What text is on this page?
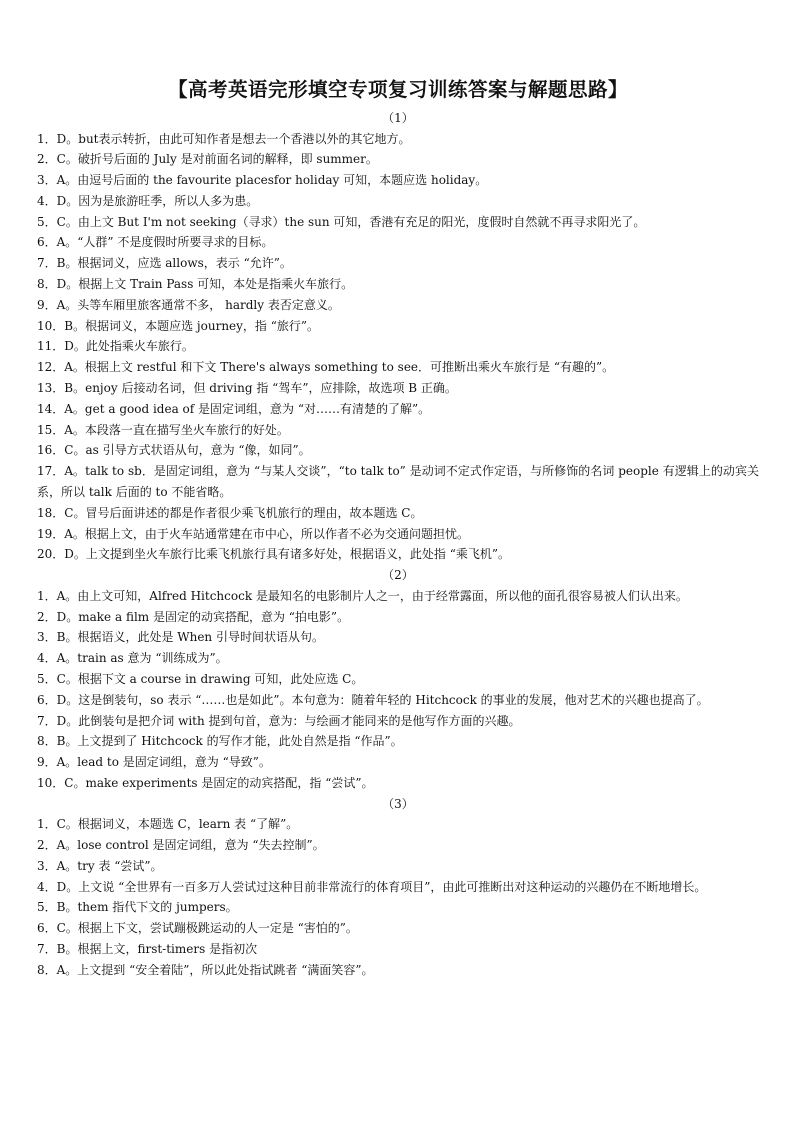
【高考英语完形填空专项复习训练答案与解题思路】
（1）
1．D。but表示转折，由此可知作者是想去一个香港以外的其它地方。
2．C。破折号后面的 July 是对前面名词的解释，即 summer。
3．A。由逗号后面的 the favourite placesfor holiday 可知，本题应选 holiday。
4．D。因为是旅游旺季，所以人多为患。
5．C。由上文 But I'm not seeking（寻求）the sun 可知，香港有充足的阳光，度假时自然就不再寻求阳光了。
6．A。“人群” 不是度假时所要寻求的目标。
7．B。根据词义，应选 allows，表示 “允许”。
8．D。根据上文 Train Pass 可知，本处是指乘火车旅行。
9．A。头等车厢里旅客通常不多， hardly 表否定意义。
10．B。根据词义，本题应选 journey，指 “旅行”。
11．D。此处指乘火车旅行。
12．A。根据上文 restful 和下文 There's always something to see．可推断出乘火车旅行是 “有趣的”。
13．B。enjoy 后接动名词，但 driving 指 “驾车”，应排除，故选项 B 正确。
14．A。get a good idea of 是固定词组，意为 “对……有清楚的了解”。
15．A。本段落一直在描写坐火车旅行的好处。
16．C。as 引导方式状语从句，意为 “像，如同”。
17．A。talk to sb．是固定词组，意为 “与某人交谈”，“to talk to” 是动词不定式作定语，与所修饰的名词 people 有逻辑上的动宾关系，所以 talk 后面的 to 不能省略。
18．C。冒号后面讲述的都是作者很少乘飞机旅行的理由，故本题选 C。
19．A。根据上文，由于火车站通常建在市中心，所以作者不必为交通问题担忧。
20．D。上文提到坐火车旅行比乘飞机旅行具有诸多好处，根据语义，此处指 “乘飞机”。
（2）
1．A。由上文可知，Alfred Hitchcock 是最知名的电影制片人之一，由于经常露面，所以他的面孔很容易被人们认出来。
2．D。make a film 是固定的动宾搭配，意为 “拍电影”。
3．B。根据语义，此处是 When 引导时间状语从句。
4．A。train as 意为 “训练成为”。
5．C。根据下文 a course in drawing 可知，此处应选 C。
6．D。这是倒装句，so 表示 “……也是如此”。本句意为：随着年轻的 Hitchcock 的事业的发展，他对艺术的兴趣也提高了。
7．D。此倒装句是把介词 with 提到句首，意为：与绘画才能同来的是他写作方面的兴趣。
8．B。上文提到了 Hitchcock 的写作才能，此处自然是指 “作品”。
9．A。lead to 是固定词组，意为 “导致”。
10．C。make experiments 是固定的动宾搭配，指 “尝试”。
（3）
1．C。根据词义，本题选 C，learn 表 “了解”。
2．A。lose control 是固定词组，意为 “失去控制”。
3．A。try 表 “尝试”。
4．D。上文说 “全世界有一百多万人尝试过这种目前非常流行的体育项目”，由此可推断出对这种运动的兴趣仍在不断地增长。
5．B。them 指代下文的 jumpers。
6．C。根据上下文，尝试蹦极跳运动的人一定是 “害怕的”。
7．B。根据上文，first-timers 是指初次
8．A。上文提到 “安全着陆”，所以此处指试跳者 “满面笑容”。
